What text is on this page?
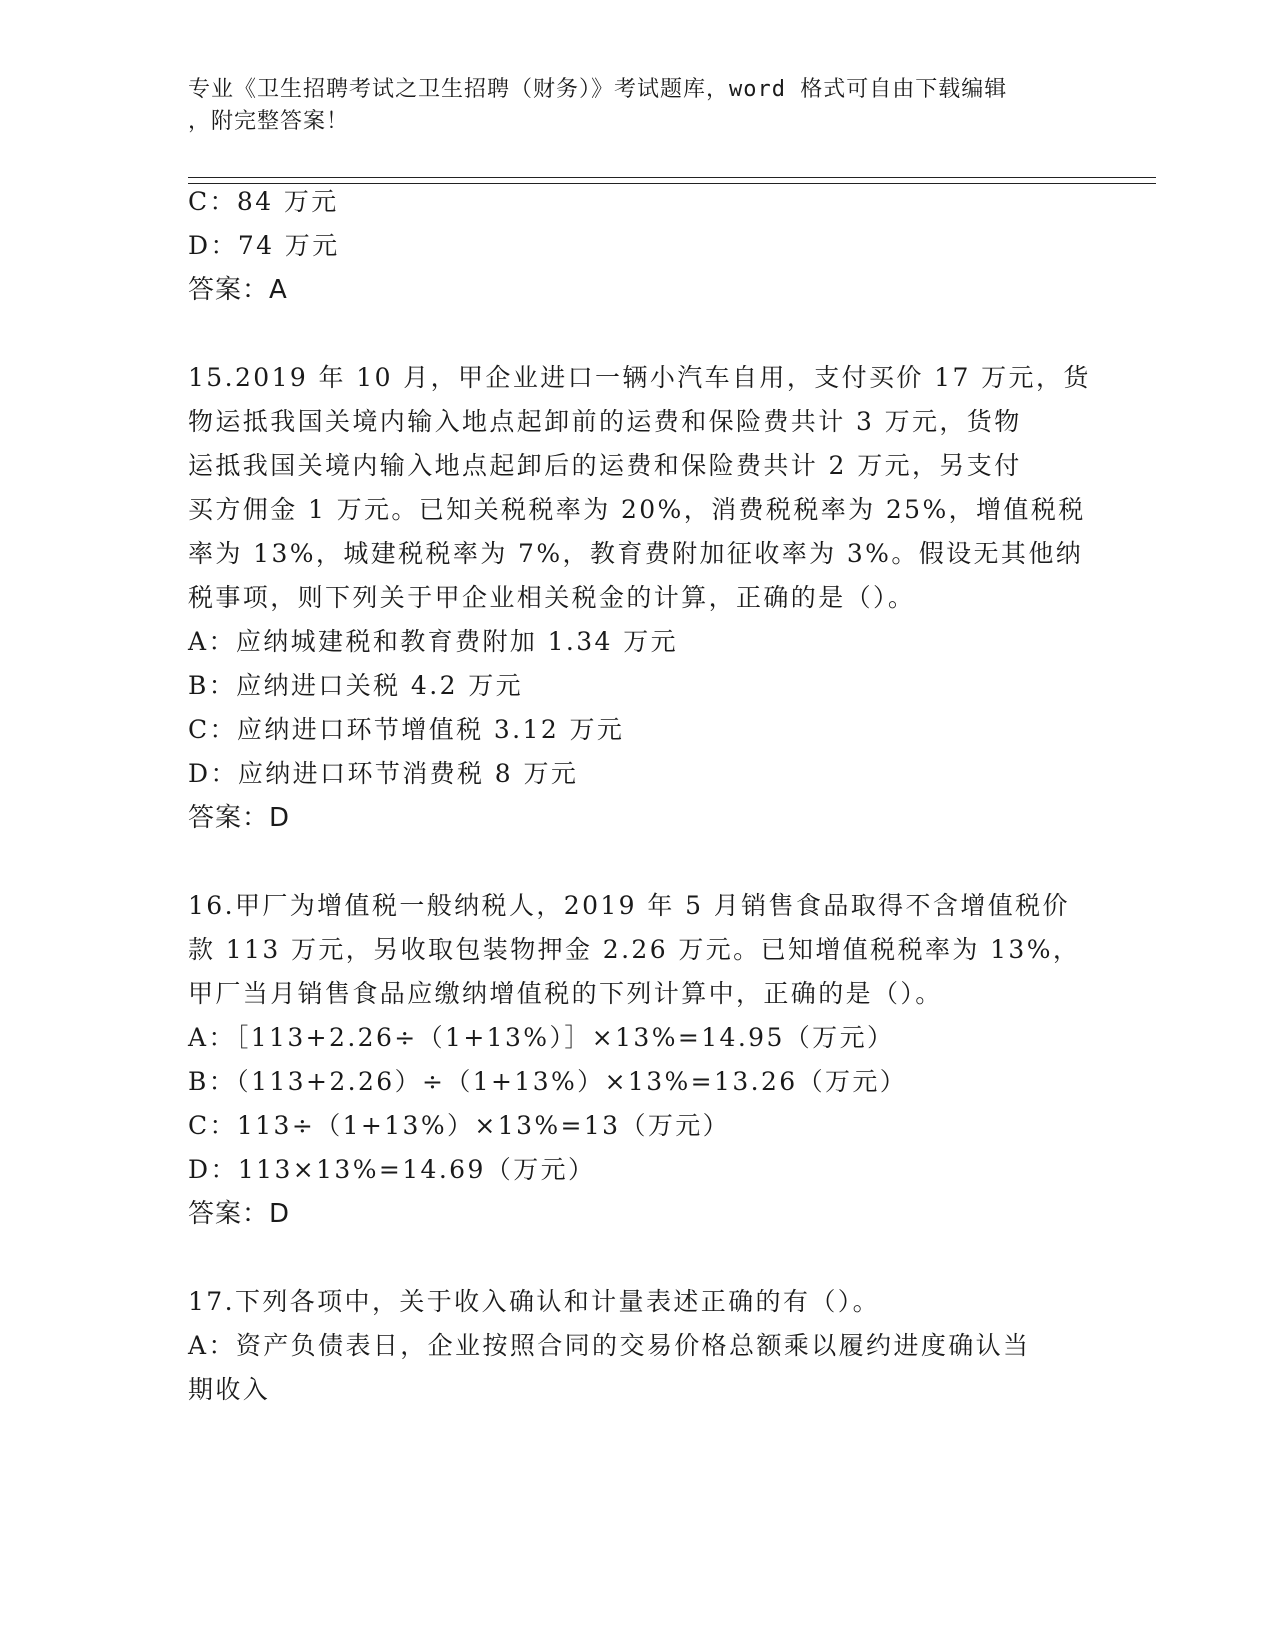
专业《卫生招聘考试之卫生招聘（财务）》考试题库，word 格式可自由下载编辑
，附完整答案！
C：84 万元
D：74 万元
答案：A
15.2019 年 10 月，甲企业进口一辆小汽车自用，支付买价 17 万元，货
物运抵我国关境内输入地点起卸前的运费和保险费共计 3 万元，货物
运抵我国关境内输入地点起卸后的运费和保险费共计 2 万元，另支付
买方佣金 1 万元。已知关税税率为 20%，消费税税率为 25%，增值税税
率为 13%，城建税税率为 7%，教育费附加征收率为 3%。假设无其他纳
税事项，则下列关于甲企业相关税金的计算，正确的是（）。
A：应纳城建税和教育费附加 1.34 万元
B：应纳进口关税 4.2 万元
C：应纳进口环节增值税 3.12 万元
D：应纳进口环节消费税 8 万元
答案：D
16.甲厂为增值税一般纳税人，2019 年 5 月销售食品取得不含增值税价
款 113 万元，另收取包装物押金 2.26 万元。已知增值税税率为 13%，
甲厂当月销售食品应缴纳增值税的下列计算中，正确的是（）。
A：［113+2.26÷（1+13%）］×13%=14.95（万元）
B：（113+2.26）÷（1+13%）×13%=13.26（万元）
C：113÷（1+13%）×13%=13（万元）
D：113×13%=14.69（万元）
答案：D
17.下列各项中，关于收入确认和计量表述正确的有（）。
A：资产负债表日，企业按照合同的交易价格总额乘以履约进度确认当
期收入
